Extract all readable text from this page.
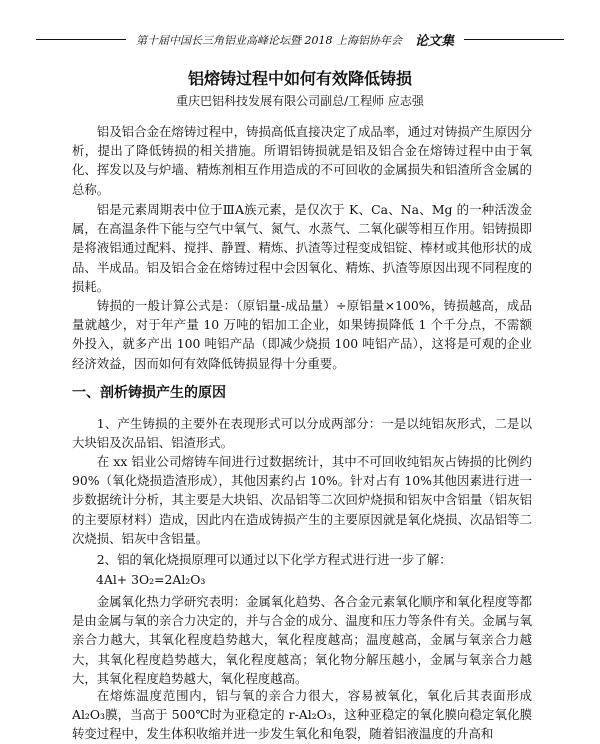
第十届中国长三角铝业高峰论坛暨 2018 上海铝协年会 论文集
铝熔铸过程中如何有效降低铸损
重庆巴铝科技发展有限公司副总/工程师 应志强
铝及铝合金在熔铸过程中，铸损高低直接决定了成品率，通过对铸损产生原因分析，提出了降低铸损的相关措施。所谓铝铸损就是铝及铝合金在熔铸过程中由于氧化、挥发以及与炉墙、精炼剂相互作用造成的不可回收的金属损失和铝渣所含金属的总称。
铝是元素周期表中位于ⅢA族元素，是仅次于 K、Ca、Na、Mg 的一种活泼金属，在高温条件下能与空气中氧气、氮气、水蒸气、二氧化碳等相互作用。铝铸损即是将液铝通过配料、搅拌、静置、精炼、扒渣等过程变成铝锭、棒材或其他形状的成品、半成品。铝及铝合金在熔铸过程中会因氧化、精炼、扒渣等原因出现不同程度的损耗。
铸损的一般计算公式是：（原铝量-成品量）÷原铝量×100%，铸损越高，成品量就越少，对于年产量 10 万吨的铝加工企业，如果铸损降低 1 个千分点，不需额外投入，就多产出 100 吨铝产品（即减少烧损 100 吨铝产品），这将是可观的企业经济效益，因而如何有效降低铸损显得十分重要。
一、剖析铸损产生的原因
1、产生铸损的主要外在表现形式可以分成两部分：一是以纯铝灰形式，二是以大块铝及次品铝、铝渣形式。
在 xx 铝业公司熔铸车间进行过数据统计，其中不可回收纯铝灰占铸损的比例约 90%（氧化烧损造渣形成），其他因素约占 10%。针对占有 10%其他因素进行进一步数据统计分析，其主要是大块铝、次品铝等二次回炉烧损和铝灰中含铝量（铝灰铝的主要原材料）造成，因此内在造成铸损产生的主要原因就是氧化烧损、次品铝等二次烧损、铝灰中含铝量。
2、铝的氧化烧损原理可以通过以下化学方程式进行进一步了解：
4Al+ 3O₂=2Al₂O₃
金属氧化热力学研究表明：金属氧化趋势、各合金元素氧化顺序和氧化程度等都是由金属与氧的亲合力决定的，并与合金的成分、温度和压力等条件有关。金属与氧亲合力越大，其氧化程度趋势越大，氧化程度越高；温度越高，金属与氧亲合力越大，其氧化程度趋势越大，氧化程度越高；氧化物分解压越小，金属与氧亲合力越大，其氧化程度趋势越大，氧化程度越高。
在熔炼温度范围内，铝与氧的亲合力很大，容易被氧化，氧化后其表面形成 Al₂O₃膜，当高于 500℃时为亚稳定的 r-Al₂O₃，这种亚稳定的氧化膜向稳定氧化膜转变过程中，发生体积收缩并进一步发生氧化和龟裂，随着铝液温度的升高和
